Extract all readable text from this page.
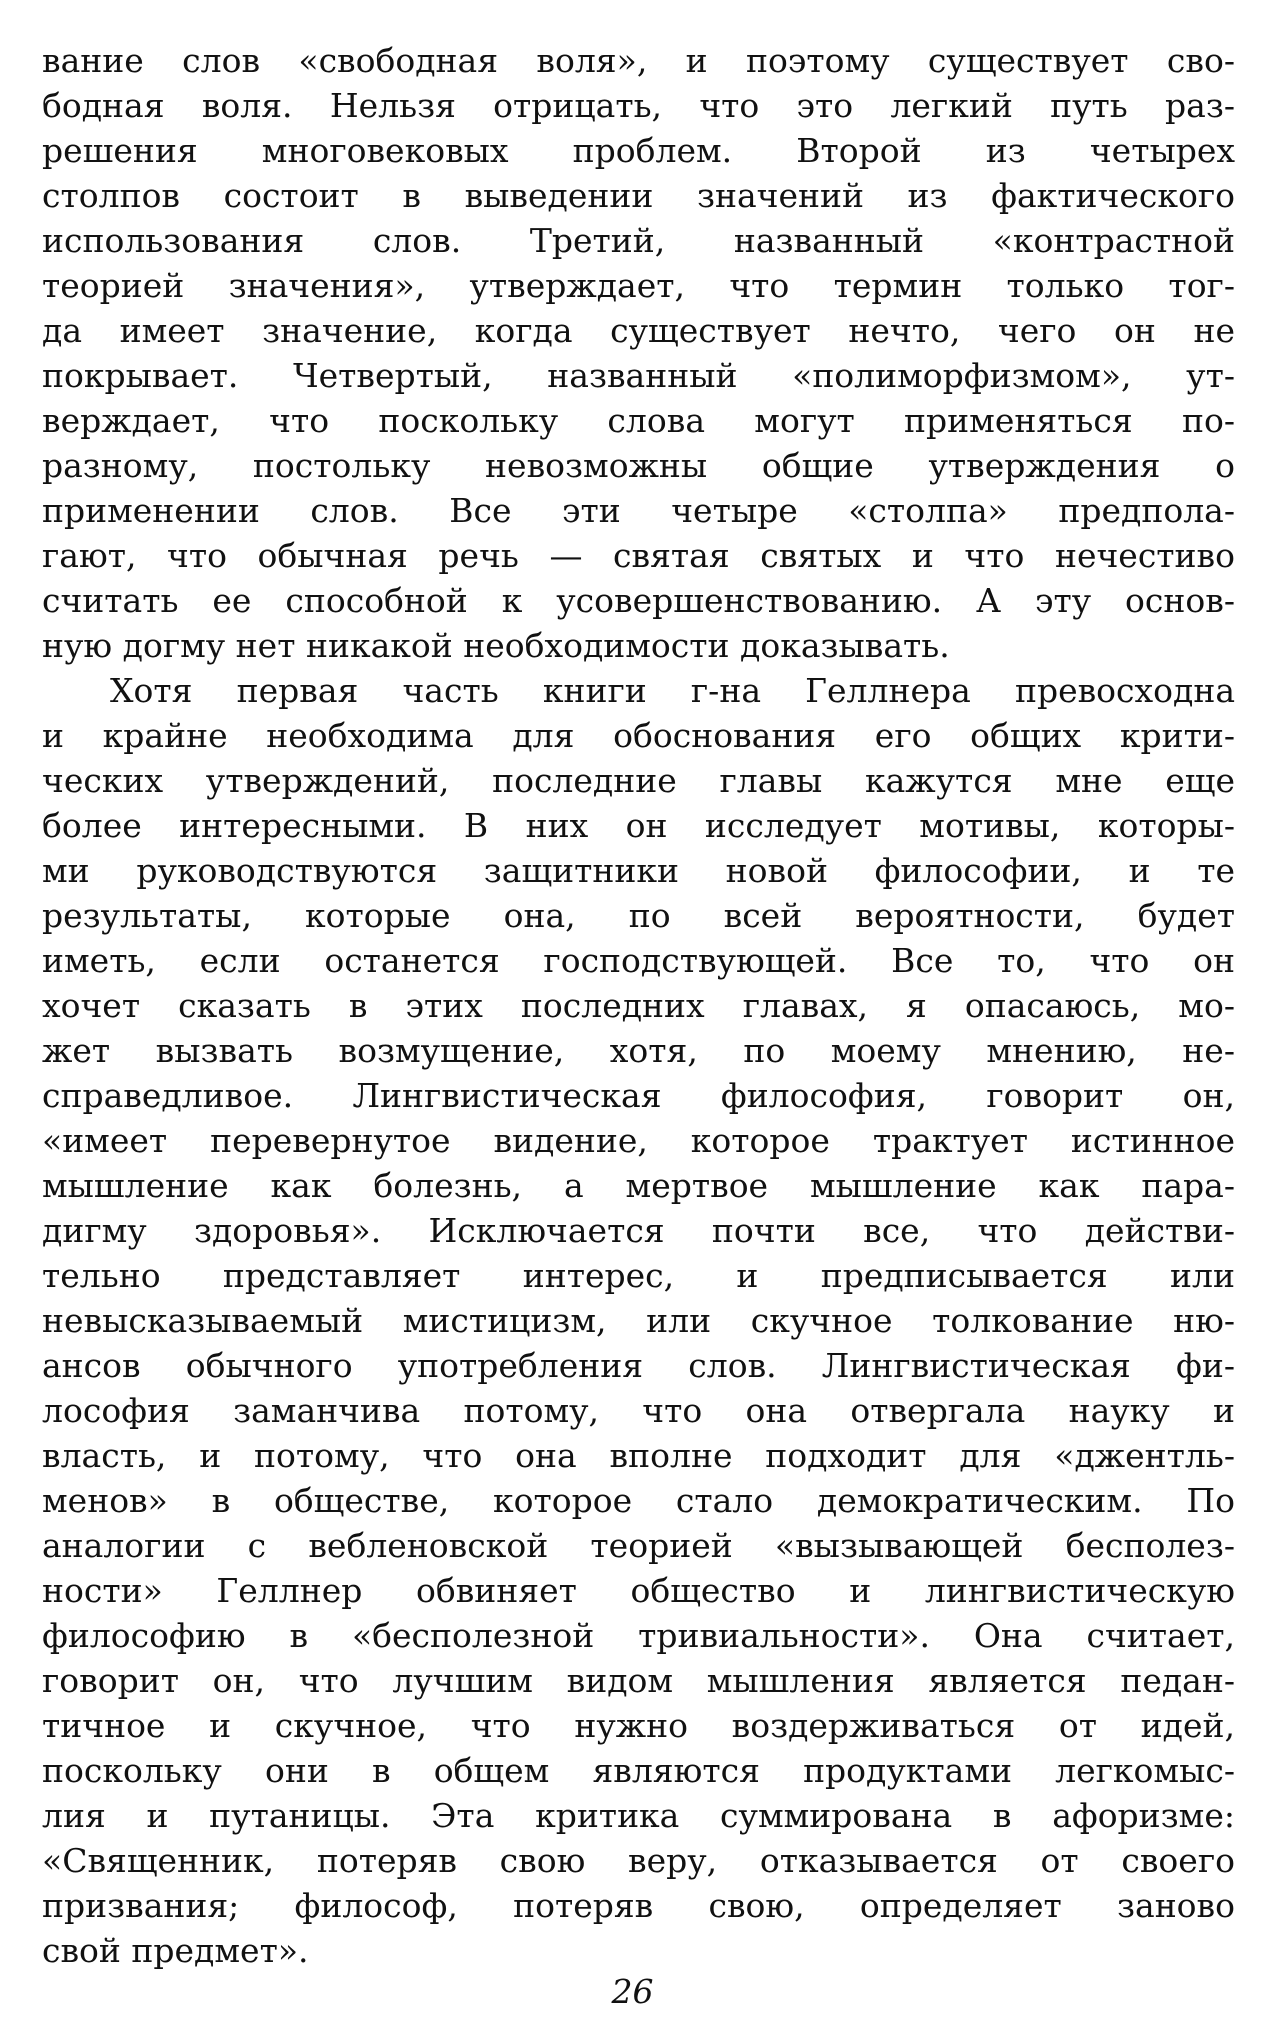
вание слов «свободная воля», и поэтому существует сво-
бодная воля. Нельзя отрицать, что это легкий путь раз-
решения многовековых проблем. Второй из четырех
столпов состоит в выведении значений из фактического
использования слов. Третий, названный «контрастной
теорией значения», утверждает, что термин только тог-
да имеет значение, когда существует нечто, чего он не
покрывает. Четвертый, названный «полиморфизмом», ут-
верждает, что поскольку слова могут применяться по-
разному, постольку невозможны общие утверждения о
применении слов. Все эти четыре «столпа» предпола-
гают, что обычная речь — святая святых и что нечестиво
считать ее способной к усовершенствованию. А эту основ-
ную догму нет никакой необходимости доказывать.
Хотя первая часть книги г-на Геллнера превосходна
и крайне необходима для обоснования его общих крити-
ческих утверждений, последние главы кажутся мне еще
более интересными. В них он исследует мотивы, которы-
ми руководствуются защитники новой философии, и те
результаты, которые она, по всей вероятности, будет
иметь, если останется господствующей. Все то, что он
хочет сказать в этих последних главах, я опасаюсь, мо-
жет вызвать возмущение, хотя, по моему мнению, не-
справедливое. Лингвистическая философия, говорит он,
«имеет перевернутое видение, которое трактует истинное
мышление как болезнь, а мертвое мышление как пара-
дигму здоровья». Исключается почти все, что действи-
тельно представляет интерес, и предписывается или
невысказываемый мистицизм, или скучное толкование ню-
ансов обычного употребления слов. Лингвистическая фи-
лософия заманчива потому, что она отвергала науку и
власть, и потому, что она вполне подходит для «джентль-
менов» в обществе, которое стало демократическим. По
аналогии с вебленовской теорией «вызывающей бесполез-
ности» Геллнер обвиняет общество и лингвистическую
философию в «бесполезной тривиальности». Она считает,
говорит он, что лучшим видом мышления является педан-
тичное и скучное, что нужно воздерживаться от идей,
поскольку они в общем являются продуктами легкомыс-
лия и путаницы. Эта критика суммирована в афоризме:
«Священник, потеряв свою веру, отказывается от своего
призвания; философ, потеряв свою, определяет заново
свой предмет».
26
